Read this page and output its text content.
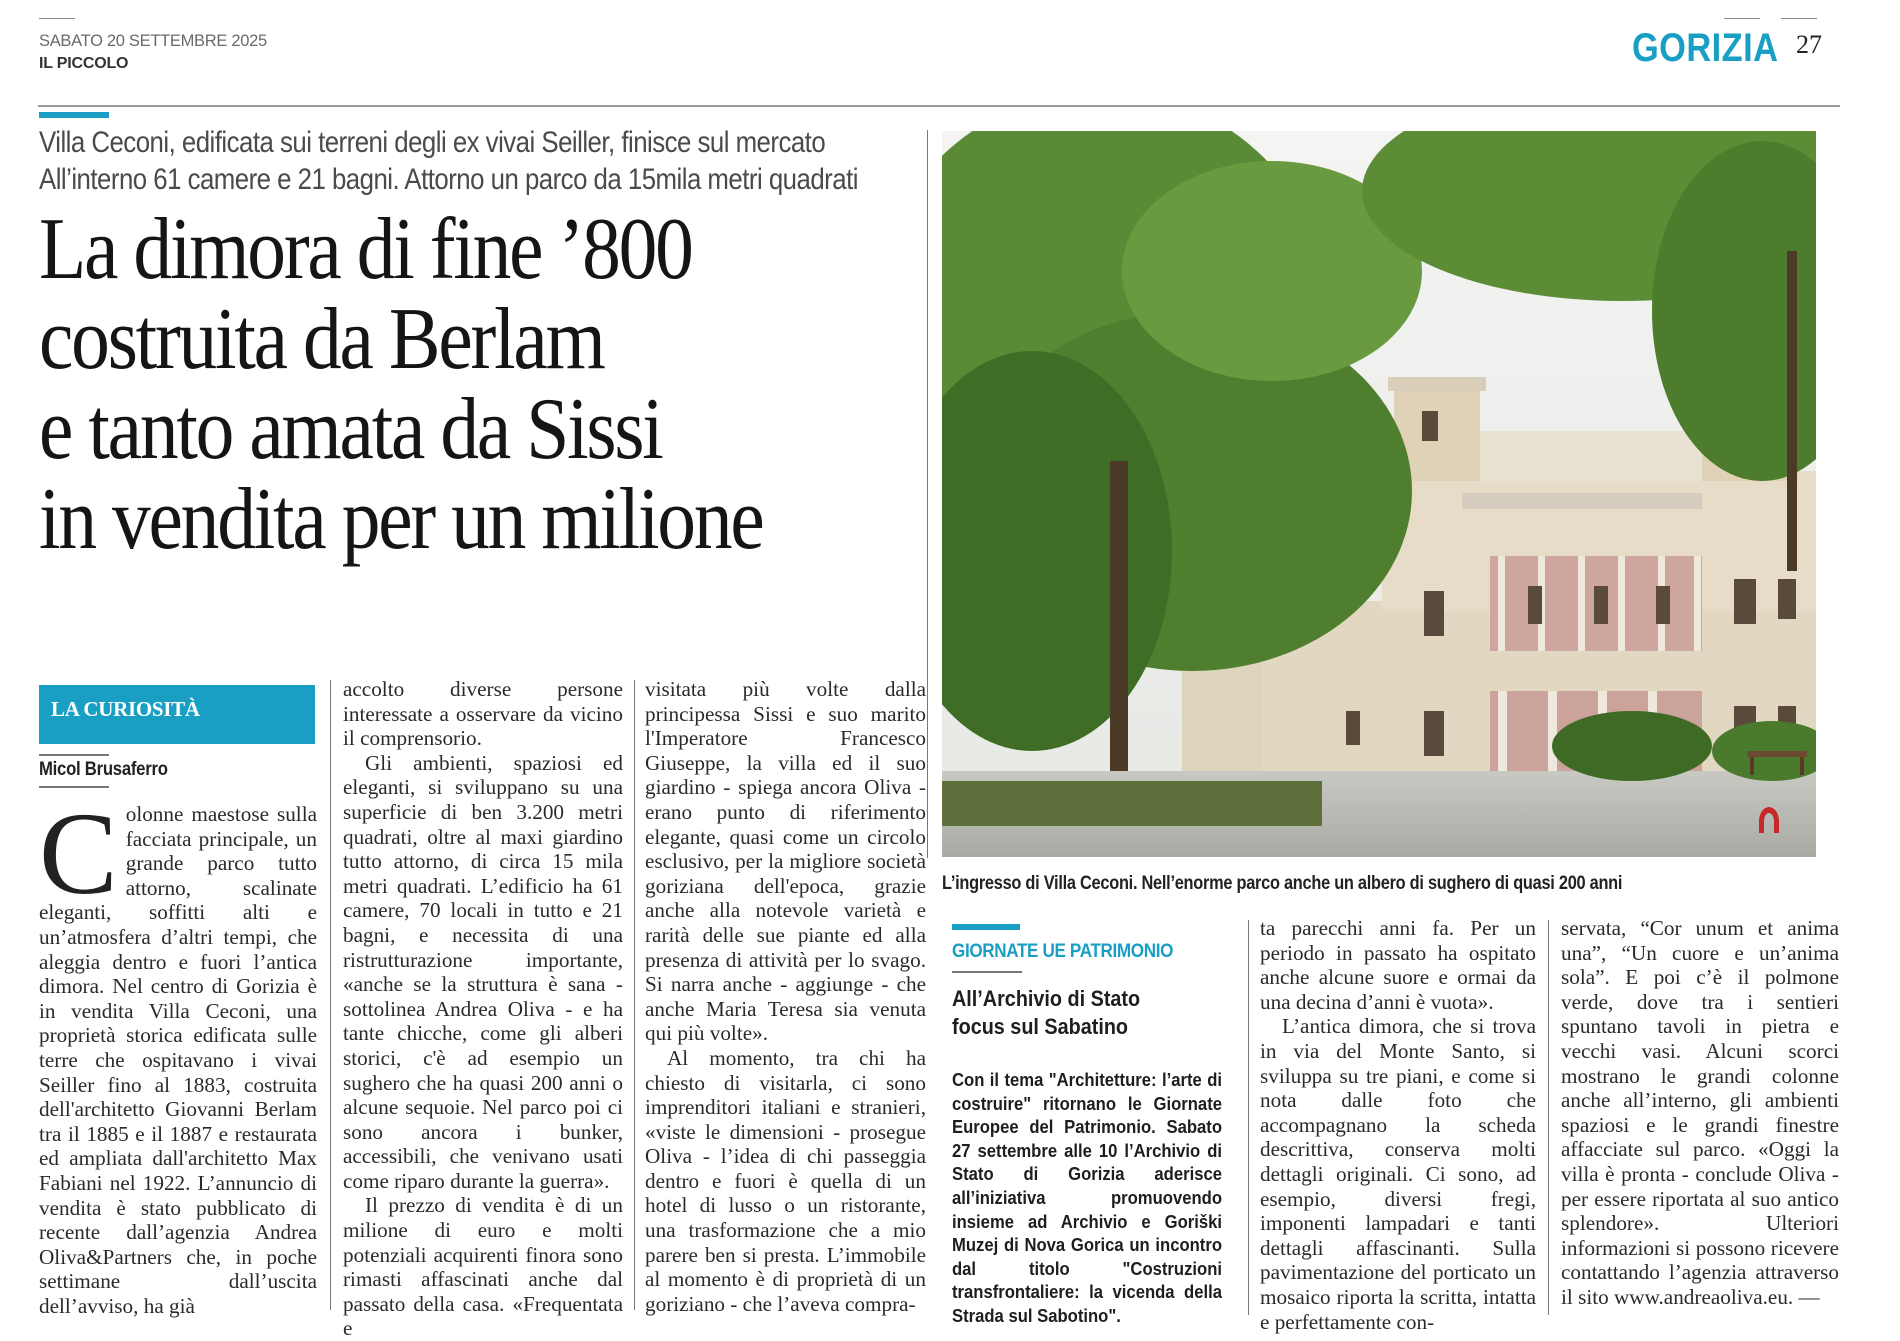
SABATO 20 SETTEMBRE 2025
IL PICCOLO	GORIZIA 27
Villa Ceconi, edificata sui terreni degli ex vivai Seiller, finisce sul mercato
All’interno 61 camere e 21 bagni. Attorno un parco da 15mila metri quadrati
La dimora di fine ’800
costruita da Berlam
e tanto amata da Sissi
in vendita per un milione
L’ingresso di Villa Ceconi. Nell’enorme parco anche un albero di sughero di quasi 200 anni
LA CURIOSITÀ
Micol Brusaferro
C olonne maestose sulla facciata principale, un grande parco tutto attorno, scalinate eleganti, soffitti alti e un’atmosfera d’altri tempi, che aleggia dentro e fuori l’antica dimora. Nel centro di Gorizia è in vendita Villa Ceconi, una proprietà storica edificata sulle terre che ospitavano i vivai Seiller fino al 1883, costruita dell'architetto Giovanni Berlam tra il 1885 e il 1887 e restaurata ed ampliata dall'architetto Max Fabiani nel 1922. L’annuncio di vendita è stato pubblicato di recente dall’agenzia Andrea Oliva&Partners che, in poche settimane dall’uscita dell’avviso, ha già

accolto diverse persone interessate a osservare da vicino il comprensorio.

Gli ambienti, spaziosi ed eleganti, si sviluppano su una superficie di ben 3.200 metri quadrati, oltre al maxi giardino tutto attorno, di circa 15 mila metri quadrati. L’edificio ha 61 camere, 70 locali in tutto e 21 bagni, e necessita di una ristrutturazione importante, «anche se la struttura è sana - sottolinea Andrea Oliva - e ha tante chicche, come gli alberi storici, c'è ad esempio un sughero che ha quasi 200 anni o alcune sequoie. Nel parco poi ci sono ancora i bunker, accessibili, che venivano usati come riparo durante la guerra».

Il prezzo di vendita è di un milione di euro e molti potenziali acquirenti finora sono rimasti affascinati anche dal passato della casa. «Frequentata e

visitata più volte dalla principessa Sissi e suo marito l'Imperatore Francesco Giuseppe, la villa ed il suo giardino - spiega ancora Oliva - erano punto di riferimento elegante, quasi come un circolo esclusivo, per la migliore società goriziana dell'epoca, grazie anche alla notevole varietà e rarità delle sue piante ed alla presenza di attività per lo svago. Si narra anche - aggiunge - che anche Maria Teresa sia venuta qui più volte».

Al momento, tra chi ha chiesto di visitarla, ci sono imprenditori italiani e stranieri, «viste le dimensioni - prosegue Oliva - l’idea di chi passeggia dentro e fuori è quella di un hotel di lusso o un ristorante, una trasformazione che a mio parere ben si presta. L’immobile al momento è di proprietà di un goriziano - che l’aveva compra-

GIORNATE UE PATRIMONIO
All’Archivio di Stato
focus sul Sabatino
Con il tema "Architetture: l’arte di costruire" ritornano le Giornate Europee del Patrimonio. Sabato 27 settembre alle 10 l’Archivio di Stato di Gorizia aderisce all’iniziativa promuovendo insieme ad Archivio e Goriški Muzej di Nova Gorica un incontro dal titolo "Costruzioni transfrontaliere: la vicenda della Strada sul Sabotino".

ta parecchi anni fa. Per un periodo in passato ha ospitato anche alcune suore e ormai da una decina d’anni è vuota».

L’antica dimora, che si trova in via del Monte Santo, si sviluppa su tre piani, e come si nota dalle foto che accompagnano la scheda descrittiva, conserva molti dettagli originali. Ci sono, ad esempio, diversi fregi, imponenti lampadari e tanti dettagli affascinanti. Sulla pavimentazione del porticato un mosaico riporta la scritta, intatta e perfettamente con-

servata, “Cor unum et anima una”, “Un cuore e un’anima sola”. E poi c’è il polmone verde, dove tra i sentieri spuntano tavoli in pietra e vecchi vasi. Alcuni scorci mostrano le grandi colonne anche all’interno, gli ambienti spaziosi e le grandi finestre affacciate sul parco. «Oggi la villa è pronta - conclude Oliva - per essere riportata al suo antico splendore». Ulteriori informazioni si possono ricevere contattando l’agenzia attraverso il sito www.andreaoliva.eu. —
